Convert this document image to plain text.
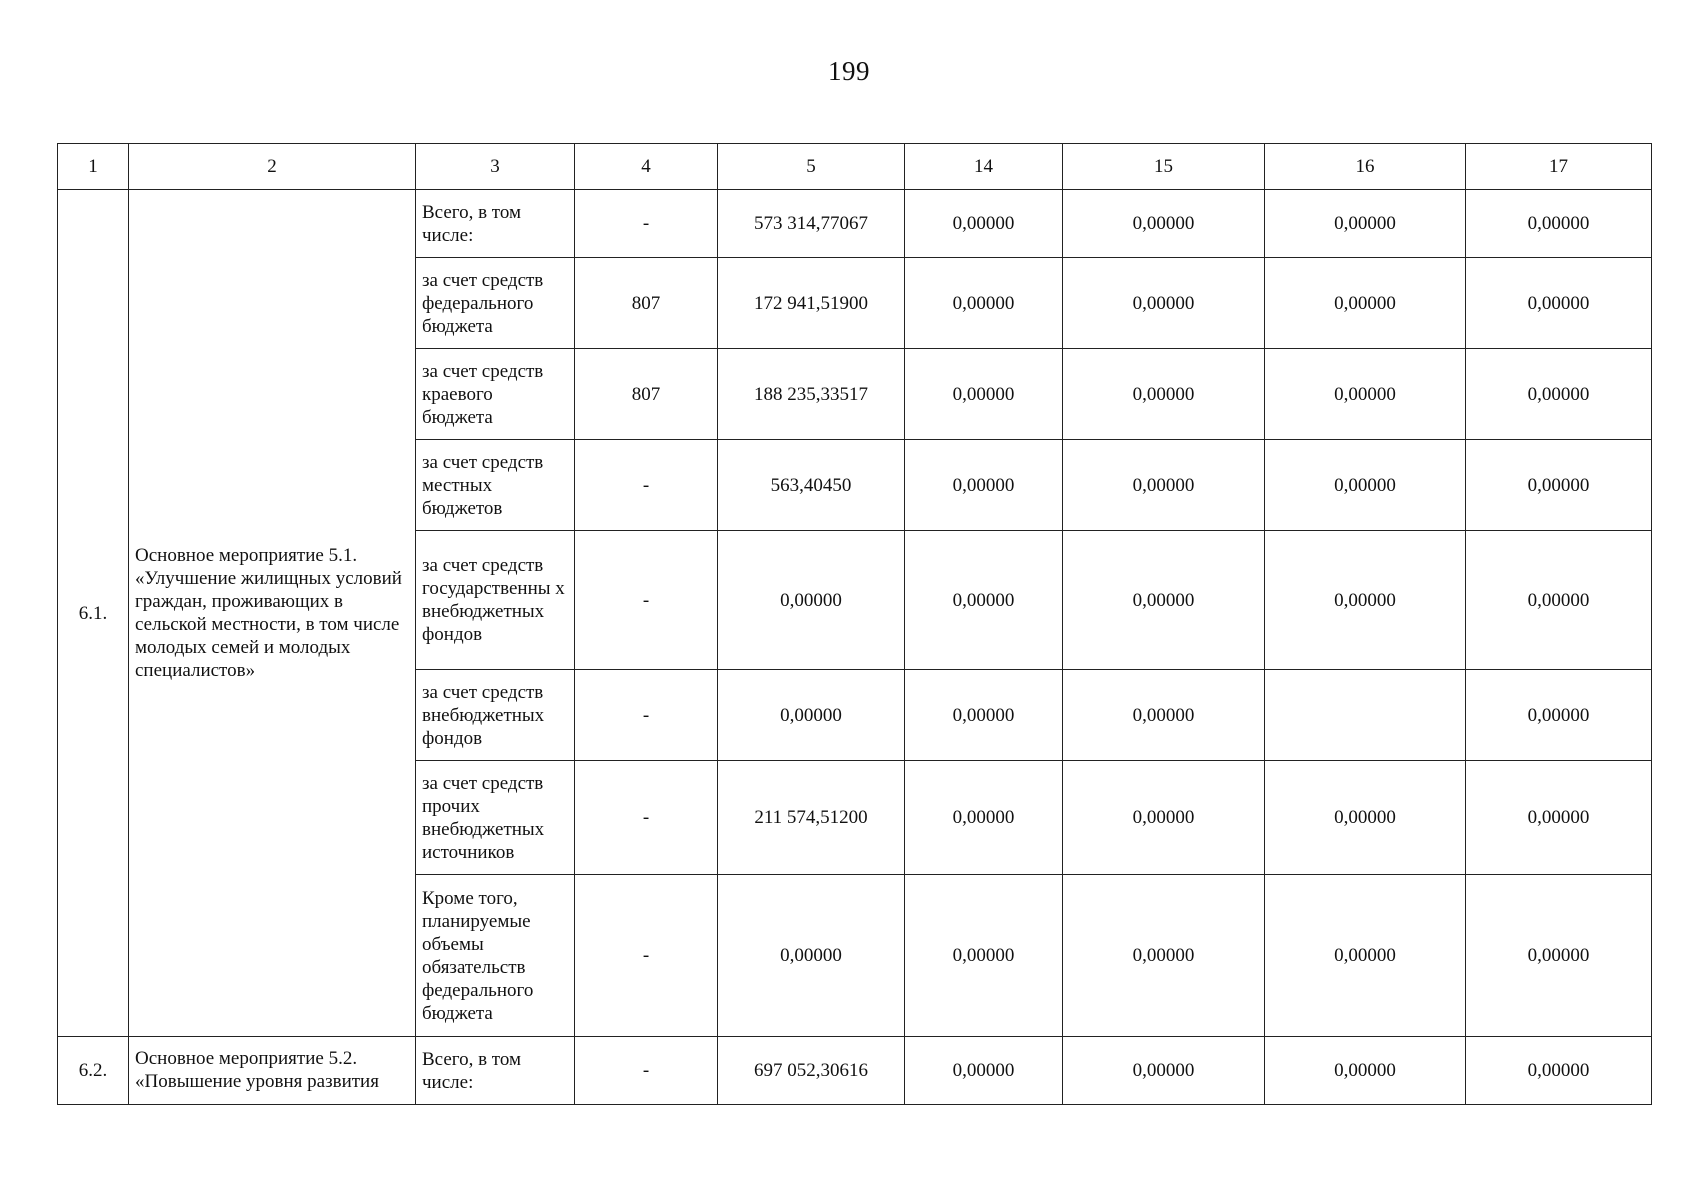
199
1	2	3	4	5	14	15	16	17
6.1.	Основное мероприятие 5.1. «Улучшение жилищных условий граждан, проживающих в сельской местности, в том числе молодых семей и молодых специалистов»	Всего, в том числе:	-	573 314,77067	0,00000	0,00000	0,00000	0,00000
		за счет средств федерального бюджета	807	172 941,51900	0,00000	0,00000	0,00000	0,00000
		за счет средств краевого бюджета	807	188 235,33517	0,00000	0,00000	0,00000	0,00000
		за счет средств местных бюджетов	-	563,40450	0,00000	0,00000	0,00000	0,00000
		за счет средств государственны х внебюджетных фондов	-	0,00000	0,00000	0,00000	0,00000	0,00000
		за счет средств внебюджетных фондов	-	0,00000	0,00000	0,00000		0,00000
		за счет средств прочих внебюджетных источников	-	211 574,51200	0,00000	0,00000	0,00000	0,00000
		Кроме того, планируемые объемы обязательств федерального бюджета	-	0,00000	0,00000	0,00000	0,00000	0,00000
6.2.	Основное мероприятие 5.2. «Повышение уровня развития	Всего, в том числе:	-	697 052,30616	0,00000	0,00000	0,00000	0,00000
